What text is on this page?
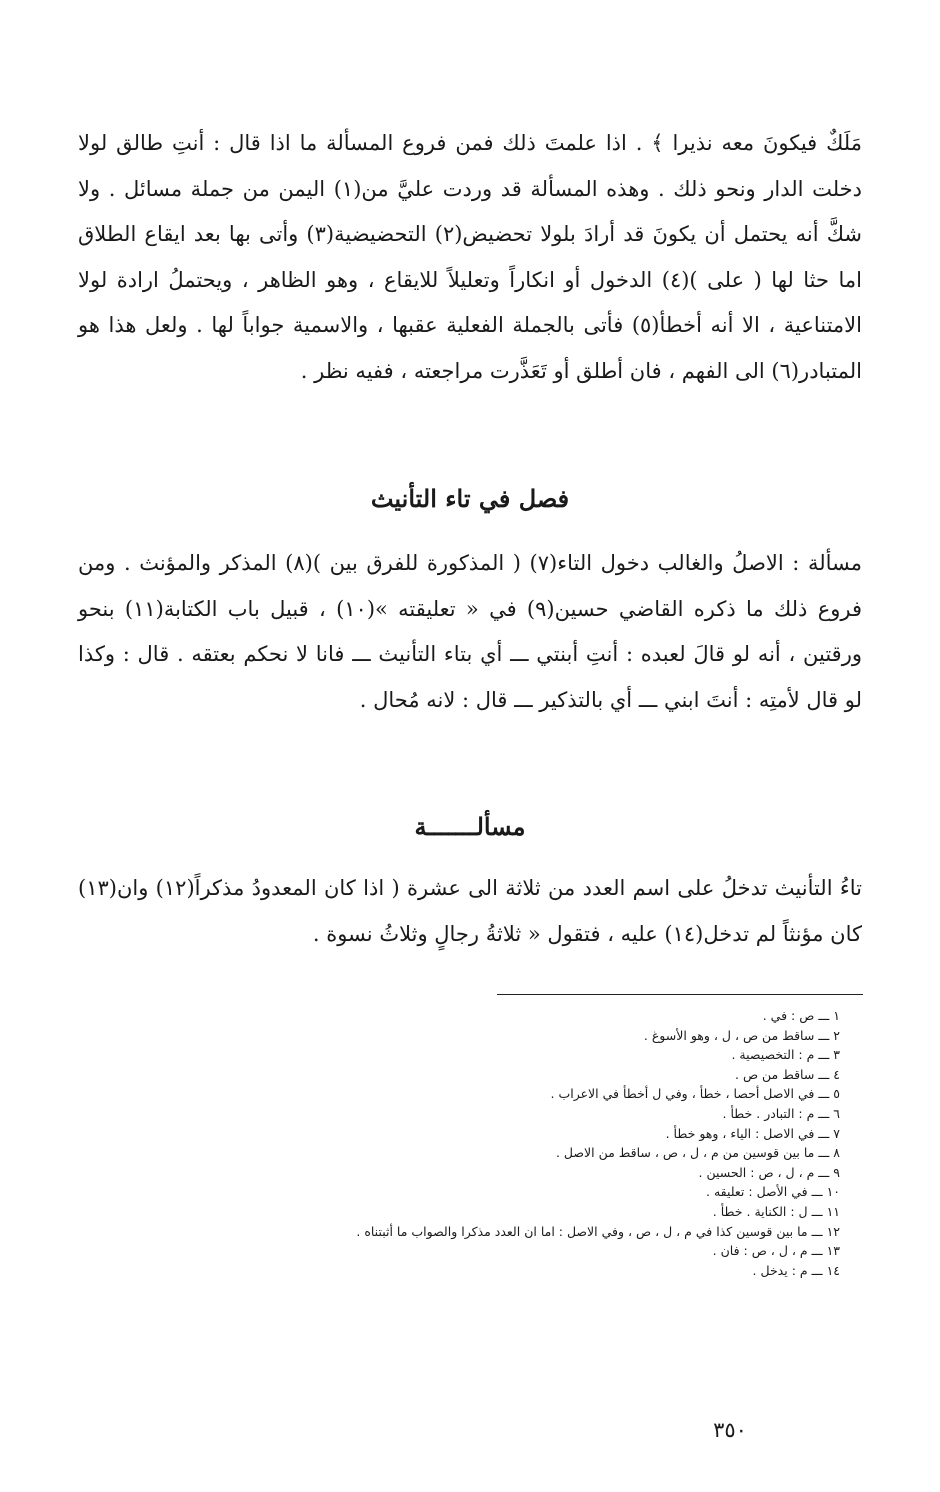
مَلَكٌ فيكونَ معه نذيرا ﴾ . اذا علمتَ ذلك فمن فروع المسألة ما اذا قال : أنتِ طالق لولا دخلت الدار ونحو ذلك . وهذه المسألة قد وردت عليَّ من(١) اليمن من جملة مسائل . ولا شكَّ أنه يحتمل أن يكونَ قد أرادَ بلولا تحضيض(٢) التحضيضية(٣) وأتى بها بعد ايقاع الطلاق اما حثا لها ( على )(٤) الدخول أو انكاراً وتعليلاً للايقاع ، وهو الظاهر ، ويحتملُ ارادة لولا الامتناعية ، الا أنه أخطأ(٥) فأتى بالجملة الفعلية عقبها ، والاسمية جواباً لها . ولعل هذا هو المتبادر(٦) الى الفهم ، فان أطلق أو تَعَذَّرت مراجعته ، ففيه نظر .

فصل في تاء التأنيث

مسألة : الاصلُ والغالب دخول التاء(٧) ( المذكورة للفرق بين )(٨) المذكر والمؤنث . ومن فروع ذلك ما ذكره القاضي حسين(٩) في « تعليقته »(١٠) ، قبيل باب الكتابة(١١) بنحو ورقتين ، أنه لو قالَ لعبده : أنتِ أبنتي ـــ أي بتاء التأنيث ـــ فانا لا نحكم بعتقه . قال : وكذا لو قال لأمتِه : أنتَ ابني ـــ أي بالتذكير ـــ قال : لانه مُحال .

مسألـــــــة

تاءُ التأنيث تدخلُ على اسم العدد من ثلاثة الى عشرة ( اذا كان المعدودُ مذكراً(١٢) وان(١٣) كان مؤنثاً لم تدخل(١٤) عليه ، فتقول « ثلاثةُ رجالٍ وثلاثُ نسوة .

١ ـــ ص : في .
٢ ـــ ساقط من ص ، ل ، وهو الأسوغ .
٣ ـــ م : التخصيصية .
٤ ـــ ساقط من ص .
٥ ـــ في الاصل أحصا ، خطأ ، وفي ل أخطأ في الاعراب .
٦ ـــ م : التبادر . خطأ .
٧ ـــ في الاصل : الياء ، وهو خطأ .
٨ ـــ ما بين قوسين من م ، ل ، ص ، ساقط من الاصل .
٩ ـــ م ، ل ، ص : الحسين .
١٠ ـــ في الأصل : تعليقه .
١١ ـــ ل : الكناية . خطأ .
١٢ ـــ ما بين قوسين كذا في م ، ل ، ص ، وفي الاصل : اما ان العدد مذكرا والصواب ما أثبتناه .
١٣ ـــ م ، ل ، ص : فان .
١٤ ـــ م : يدخل .
٣٥٠
